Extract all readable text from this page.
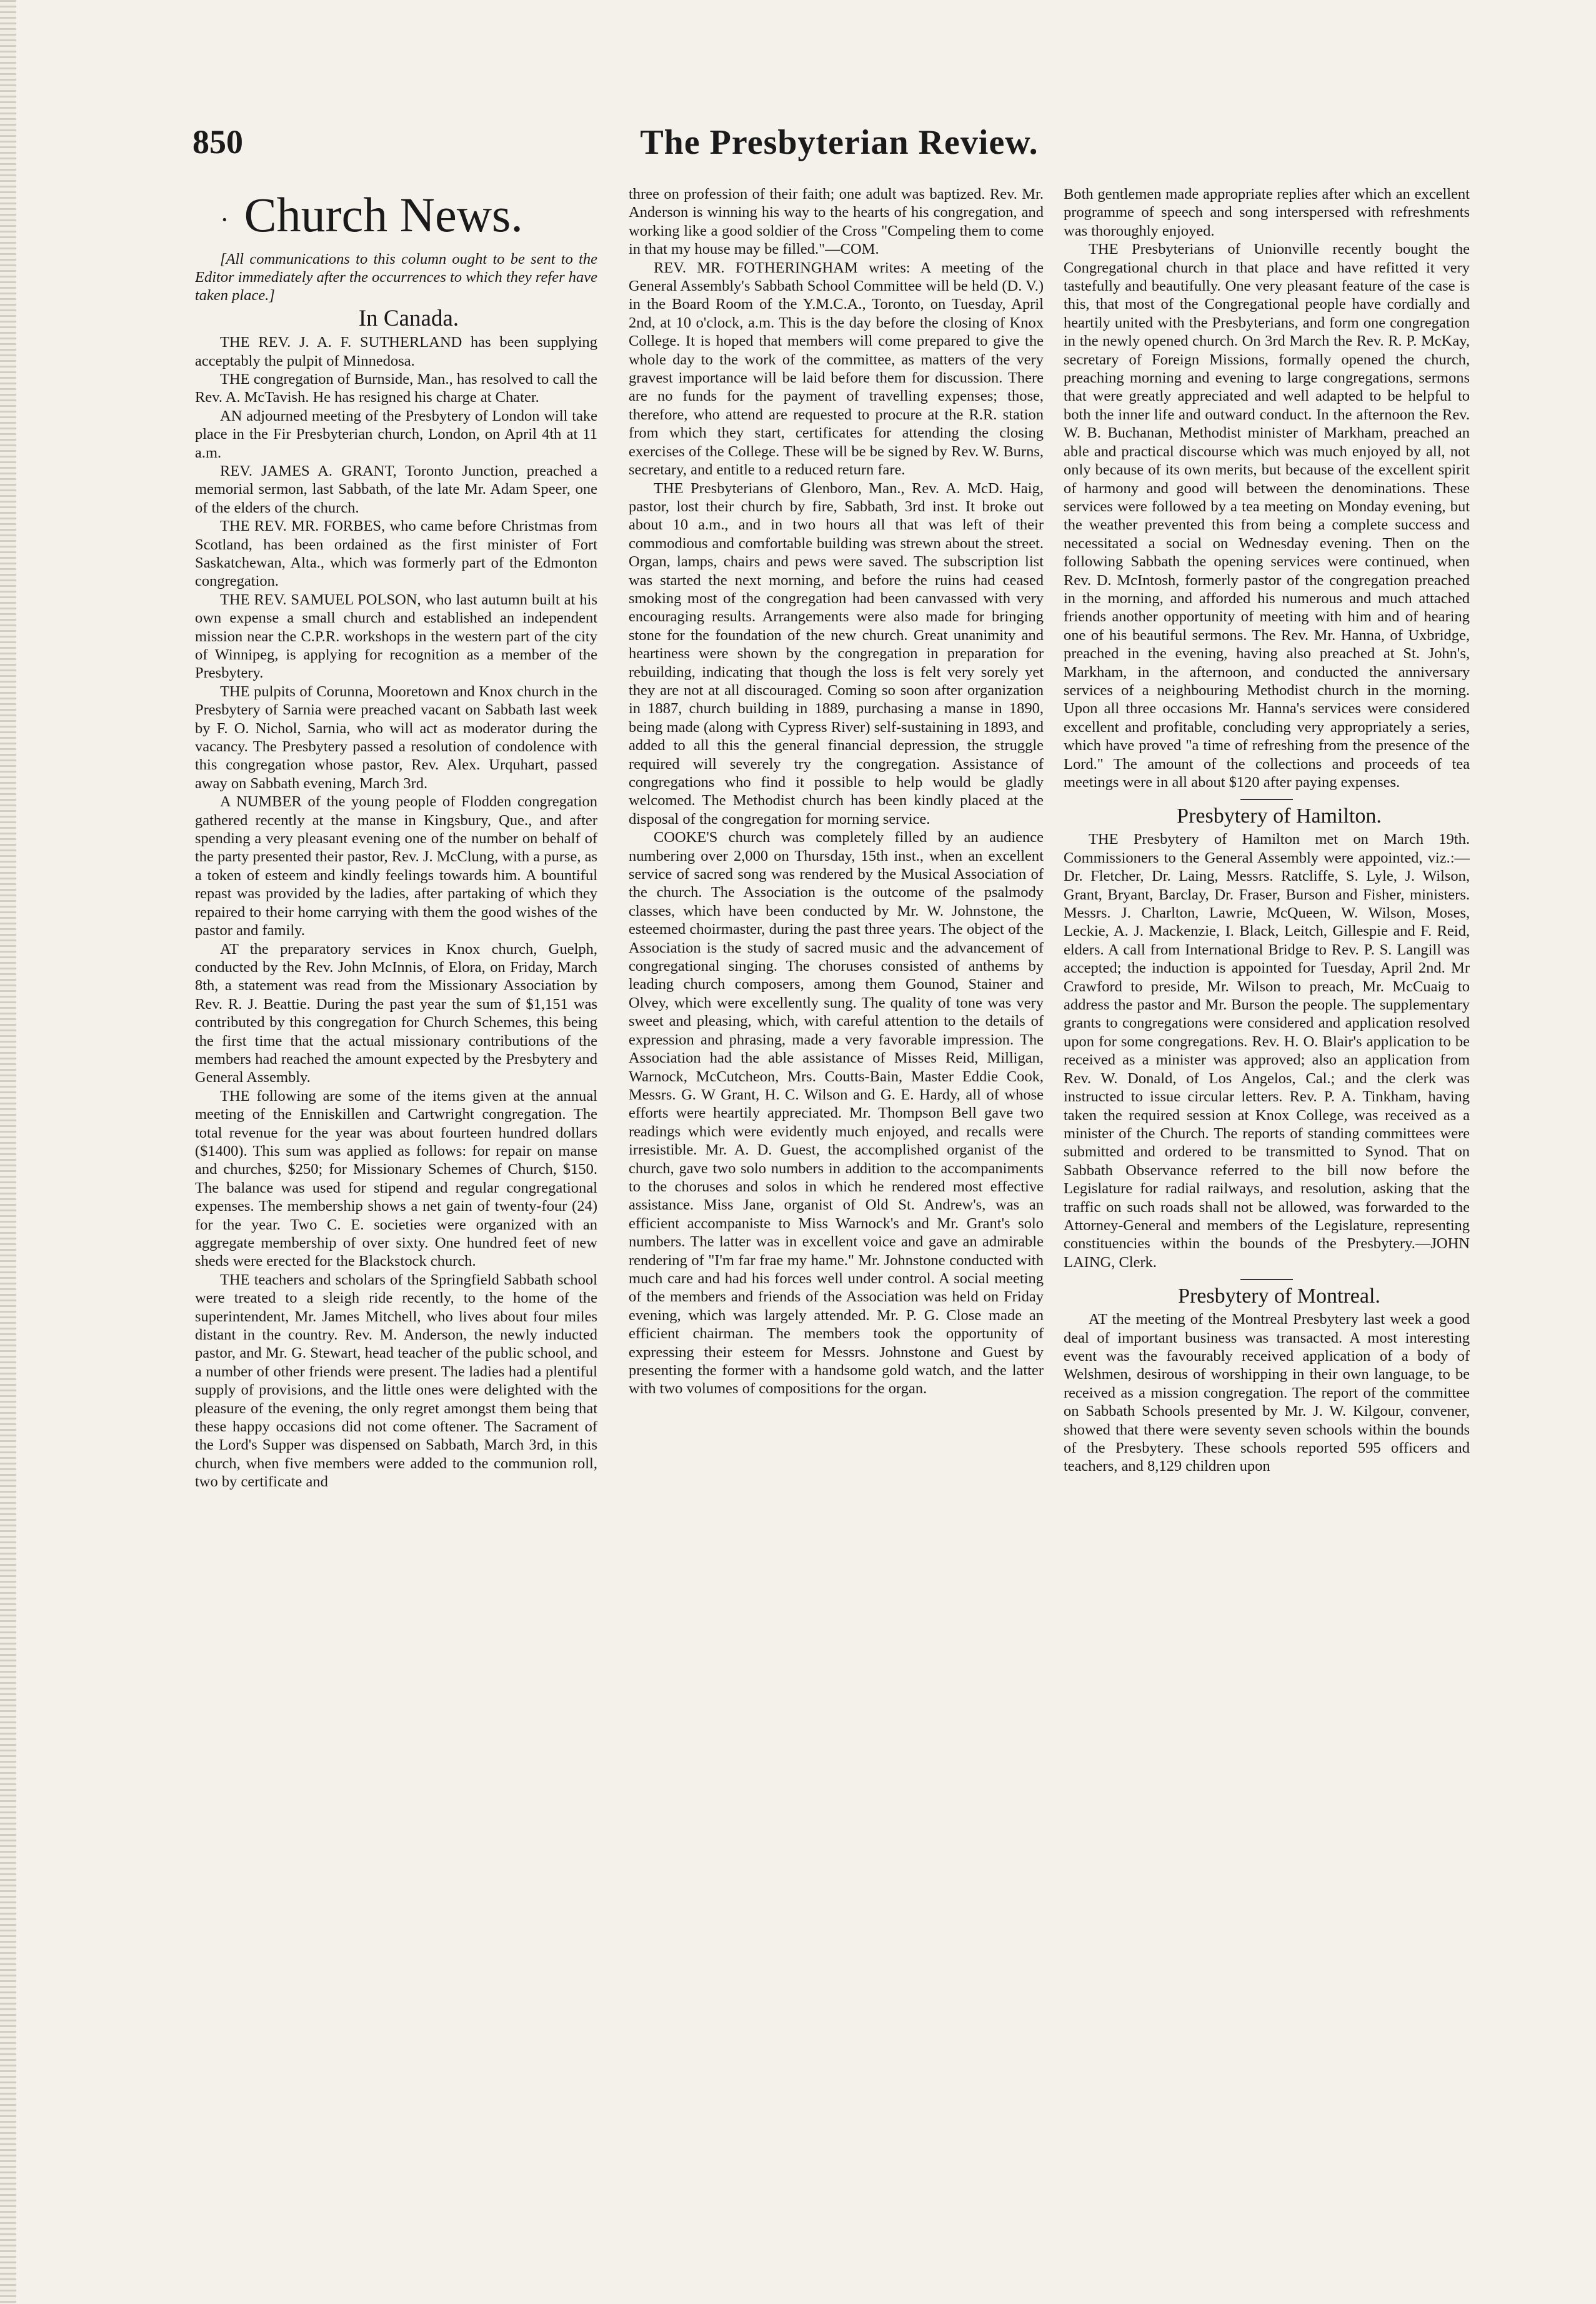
850	The Presbyterian Review.

· Church News.

[All communications to this column ought to be sent to the Editor immediately after the occurrences to which they refer have taken place.]

In Canada.

THE REV. J. A. F. SUTHERLAND has been supplying acceptably the pulpit of Minnedosa.

THE congregation of Burnside, Man., has resolved to call the Rev. A. McTavish. He has resigned his charge at Chater.

AN adjourned meeting of the Presbytery of London will take place in the Fir Presbyterian church, London, on April 4th at 11 a.m.

REV. JAMES A. GRANT, Toronto Junction, preached a memorial sermon, last Sabbath, of the late Mr. Adam Speer, one of the elders of the church.

THE REV. MR. FORBES, who came before Christmas from Scotland, has been ordained as the first minister of Fort Saskatchewan, Alta., which was formerly part of the Edmonton congregation.

THE REV. SAMUEL POLSON, who last autumn built at his own expense a small church and established an independent mission near the C.P.R. workshops in the western part of the city of Winnipeg, is applying for recognition as a member of the Presbytery.

THE pulpits of Corunna, Mooretown and Knox church in the Presbytery of Sarnia were preached vacant on Sabbath last week by F. O. Nichol, Sarnia, who will act as moderator during the vacancy. The Presbytery passed a resolution of condolence with this congregation whose pastor, Rev. Alex. Urquhart, passed away on Sabbath evening, March 3rd.

A NUMBER of the young people of Flodden congregation gathered recently at the manse in Kingsbury, Que., and after spending a very pleasant evening one of the number on behalf of the party presented their pastor, Rev. J. McClung, with a purse, as a token of esteem and kindly feelings towards him. A bountiful repast was provided by the ladies, after partaking of which they repaired to their home carrying with them the good wishes of the pastor and family.

AT the preparatory services in Knox church, Guelph, conducted by the Rev. John McInnis, of Elora, on Friday, March 8th, a statement was read from the Missionary Association by Rev. R. J. Beattie. During the past year the sum of $1,151 was contributed by this congregation for Church Schemes, this being the first time that the actual missionary contributions of the members had reached the amount expected by the Presbytery and General Assembly.

THE following are some of the items given at the annual meeting of the Enniskillen and Cartwright congregation. The total revenue for the year was about fourteen hundred dollars ($1400). This sum was applied as follows: for repair on manse and churches, $250; for Missionary Schemes of Church, $150. The balance was used for stipend and regular congregational expenses. The membership shows a net gain of twenty-four (24) for the year. Two C. E. societies were organized with an aggregate membership of over sixty. One hundred feet of new sheds were erected for the Blackstock church.

THE teachers and scholars of the Springfield Sabbath school were treated to a sleigh ride recently, to the home of the superintendent, Mr. James Mitchell, who lives about four miles distant in the country. Rev. M. Anderson, the newly inducted pastor, and Mr. G. Stewart, head teacher of the public school, and a number of other friends were present. The ladies had a plentiful supply of provisions, and the little ones were delighted with the pleasure of the evening, the only regret amongst them being that these happy occasions did not come oftener. The Sacrament of the Lord's Supper was dispensed on Sabbath, March 3rd, in this church, when five members were added to the communion roll, two by certificate and

three on profession of their faith; one adult was baptized. Rev. Mr. Anderson is winning his way to the hearts of his congregation, and working like a good soldier of the Cross "Compeling them to come in that my house may be filled."—COM.

REV. MR. FOTHERINGHAM writes: A meeting of the General Assembly's Sabbath School Committee will be held (D. V.) in the Board Room of the Y.M.C.A., Toronto, on Tuesday, April 2nd, at 10 o'clock, a.m. This is the day before the closing of Knox College. It is hoped that members will come prepared to give the whole day to the work of the committee, as matters of the very gravest importance will be laid before them for discussion. There are no funds for the payment of travelling expenses; those, therefore, who attend are requested to procure at the R.R. station from which they start, certificates for attending the closing exercises of the College. These will be be signed by Rev. W. Burns, secretary, and entitle to a reduced return fare.

THE Presbyterians of Glenboro, Man., Rev. A. McD. Haig, pastor, lost their church by fire, Sabbath, 3rd inst. It broke out about 10 a.m., and in two hours all that was left of their commodious and comfortable building was strewn about the street. Organ, lamps, chairs and pews were saved. The subscription list was started the next morning, and before the ruins had ceased smoking most of the congregation had been canvassed with very encouraging results. Arrangements were also made for bringing stone for the foundation of the new church. Great unanimity and heartiness were shown by the congregation in preparation for rebuilding, indicating that though the loss is felt very sorely yet they are not at all discouraged. Coming so soon after organization in 1887, church building in 1889, purchasing a manse in 1890, being made (along with Cypress River) self-sustaining in 1893, and added to all this the general financial depression, the struggle required will severely try the congregation. Assistance of congregations who find it possible to help would be gladly welcomed. The Methodist church has been kindly placed at the disposal of the congregation for morning service.

COOKE'S church was completely filled by an audience numbering over 2,000 on Thursday, 15th inst., when an excellent service of sacred song was rendered by the Musical Association of the church. The Association is the outcome of the psalmody classes, which have been conducted by Mr. W. Johnstone, the esteemed choirmaster, during the past three years. The object of the Association is the study of sacred music and the advancement of congregational singing. The choruses consisted of anthems by leading church composers, among them Gounod, Stainer and Olvey, which were excellently sung. The quality of tone was very sweet and pleasing, which, with careful attention to the details of expression and phrasing, made a very favorable impression. The Association had the able assistance of Misses Reid, Milligan, Warnock, McCutcheon, Mrs. Coutts-Bain, Master Eddie Cook, Messrs. G. W Grant, H. C. Wilson and G. E. Hardy, all of whose efforts were heartily appreciated. Mr. Thompson Bell gave two readings which were evidently much enjoyed, and recalls were irresistible. Mr. A. D. Guest, the accomplished organist of the church, gave two solo numbers in addition to the accompaniments to the choruses and solos in which he rendered most effective assistance. Miss Jane, organist of Old St. Andrew's, was an efficient accompaniste to Miss Warnock's and Mr. Grant's solo numbers. The latter was in excellent voice and gave an admirable rendering of "I'm far frae my hame." Mr. Johnstone conducted with much care and had his forces well under control. A social meeting of the members and friends of the Association was held on Friday evening, which was largely attended. Mr. P. G. Close made an efficient chairman. The members took the opportunity of expressing their esteem for Messrs. Johnstone and Guest by presenting the former with a handsome gold watch, and the latter with two volumes of compositions for the organ.

Both gentlemen made appropriate replies after which an excellent programme of speech and song interspersed with refreshments was thoroughly enjoyed.

THE Presbyterians of Unionville recently bought the Congregational church in that place and have refitted it very tastefully and beautifully. One very pleasant feature of the case is this, that most of the Congregational people have cordially and heartily united with the Presbyterians, and form one congregation in the newly opened church. On 3rd March the Rev. R. P. McKay, secretary of Foreign Missions, formally opened the church, preaching morning and evening to large congregations, sermons that were greatly appreciated and well adapted to be helpful to both the inner life and outward conduct. In the afternoon the Rev. W. B. Buchanan, Methodist minister of Markham, preached an able and practical discourse which was much enjoyed by all, not only because of its own merits, but because of the excellent spirit of harmony and good will between the denominations. These services were followed by a tea meeting on Monday evening, but the weather prevented this from being a complete success and necessitated a social on Wednesday evening. Then on the following Sabbath the opening services were continued, when Rev. D. McIntosh, formerly pastor of the congregation preached in the morning, and afforded his numerous and much attached friends another opportunity of meeting with him and of hearing one of his beautiful sermons. The Rev. Mr. Hanna, of Uxbridge, preached in the evening, having also preached at St. John's, Markham, in the afternoon, and conducted the anniversary services of a neighbouring Methodist church in the morning. Upon all three occasions Mr. Hanna's services were considered excellent and profitable, concluding very appropriately a series, which have proved "a time of refreshing from the presence of the Lord." The amount of the collections and proceeds of tea meetings were in all about $120 after paying expenses.

Presbytery of Hamilton.

THE Presbytery of Hamilton met on March 19th. Commissioners to the General Assembly were appointed, viz.:—Dr. Fletcher, Dr. Laing, Messrs. Ratcliffe, S. Lyle, J. Wilson, Grant, Bryant, Barclay, Dr. Fraser, Burson and Fisher, ministers. Messrs. J. Charlton, Lawrie, McQueen, W. Wilson, Moses, Leckie, A. J. Mackenzie, I. Black, Leitch, Gillespie and F. Reid, elders. A call from International Bridge to Rev. P. S. Langill was accepted; the induction is appointed for Tuesday, April 2nd. Mr Crawford to preside, Mr. Wilson to preach, Mr. McCuaig to address the pastor and Mr. Burson the people. The supplementary grants to congregations were considered and application resolved upon for some congregations. Rev. H. O. Blair's application to be received as a minister was approved; also an application from Rev. W. Donald, of Los Angelos, Cal.; and the clerk was instructed to issue circular letters. Rev. P. A. Tinkham, having taken the required session at Knox College, was received as a minister of the Church. The reports of standing committees were submitted and ordered to be transmitted to Synod. That on Sabbath Observance referred to the bill now before the Legislature for radial railways, and resolution, asking that the traffic on such roads shall not be allowed, was forwarded to the Attorney-General and members of the Legislature, representing constituencies within the bounds of the Presbytery.—JOHN LAING, Clerk.

Presbytery of Montreal.

AT the meeting of the Montreal Presbytery last week a good deal of important business was transacted. A most interesting event was the favourably received application of a body of Welshmen, desirous of worshipping in their own language, to be received as a mission congregation. The report of the committee on Sabbath Schools presented by Mr. J. W. Kilgour, convener, showed that there were seventy seven schools within the bounds of the Presbytery. These schools reported 595 officers and teachers, and 8,129 children upon
